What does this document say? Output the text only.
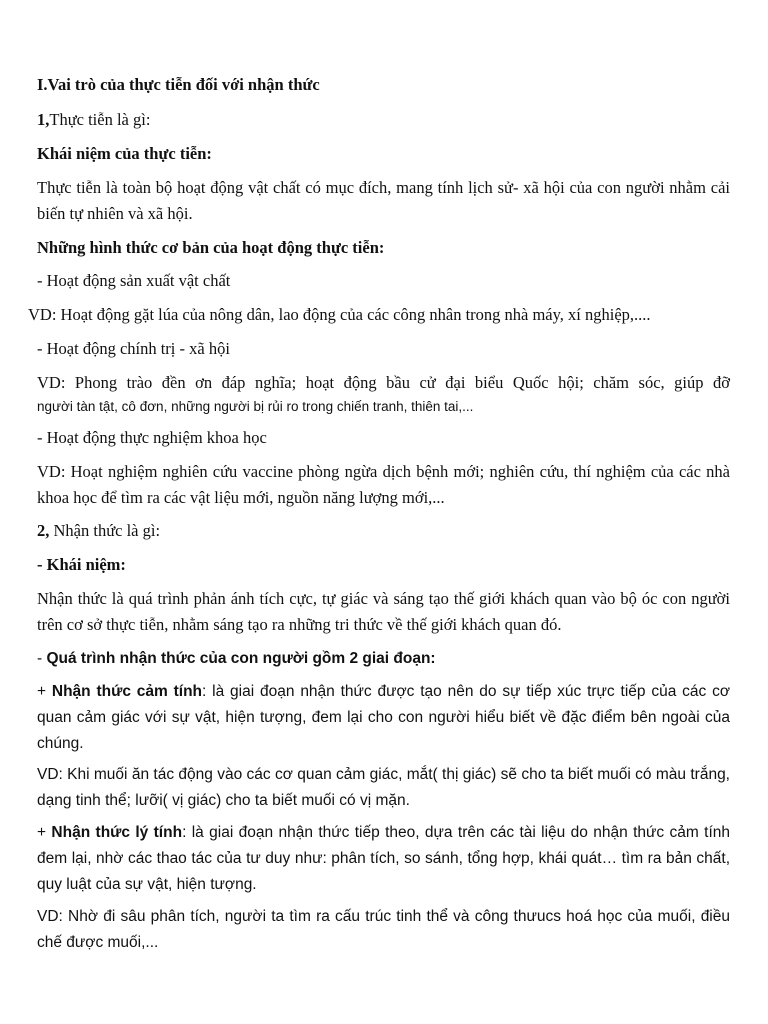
I.Vai trò của thực tiễn đối với nhận thức

1,Thực tiễn là gì:

Khái niệm của thực tiễn:

Thực tiễn là toàn bộ hoạt động vật chất có mục đích, mang tính lịch sử- xã hội của con người nhằm cải biến tự nhiên và xã hội.

Những hình thức cơ bản của hoạt động thực tiễn:

- Hoạt động sản xuất vật chất

VD: Hoạt động gặt lúa của nông dân, lao động của các công nhân trong nhà máy, xí nghiệp,....

- Hoạt động chính trị - xã hội

VD: Phong trào đền ơn đáp nghĩa; hoạt động bầu cử đại biểu Quốc hội; chăm sóc, giúp đỡ

người tàn tật, cô đơn, những người bị rủi ro trong chiến tranh, thiên tai,...

- Hoạt động thực nghiệm khoa học

VD: Hoạt nghiệm nghiên cứu vaccine phòng ngừa dịch bệnh mới; nghiên cứu, thí nghiệm của các nhà khoa học để tìm ra các vật liệu mới, nguồn năng lượng mới,...

2, Nhận thức là gì:

- Khái niệm:

Nhận thức là quá trình phản ánh tích cực, tự giác và sáng tạo thế giới khách quan vào bộ óc con người trên cơ sở thực tiễn, nhằm sáng tạo ra những tri thức về thế giới khách quan đó.

- Quá trình nhận thức của con người gồm 2 giai đoạn:

+ Nhận thức cảm tính: là giai đoạn nhận thức được tạo nên do sự tiếp xúc trực tiếp của các cơ quan cảm giác với sự vật, hiện tượng, đem lại cho con người hiểu biết về đặc điểm bên ngoài của chúng.

VD: Khi muối ăn tác động vào các cơ quan cảm giác, mắt( thị giác) sẽ cho ta biết muối có màu trắng, dạng tinh thể; lưỡi( vị giác) cho ta biết muối có vị mặn.

+ Nhận thức lý tính: là giai đoạn nhận thức tiếp theo, dựa trên các tài liệu do nhận thức cảm tính đem lại, nhờ các thao tác của tư duy như: phân tích, so sánh, tổng hợp, khái quát… tìm ra bản chất, quy luật của sự vật, hiện tượng.

VD: Nhờ đi sâu phân tích, người ta tìm ra cấu trúc tinh thể và công thưucs hoá học của muối, điều chế được muối,...
